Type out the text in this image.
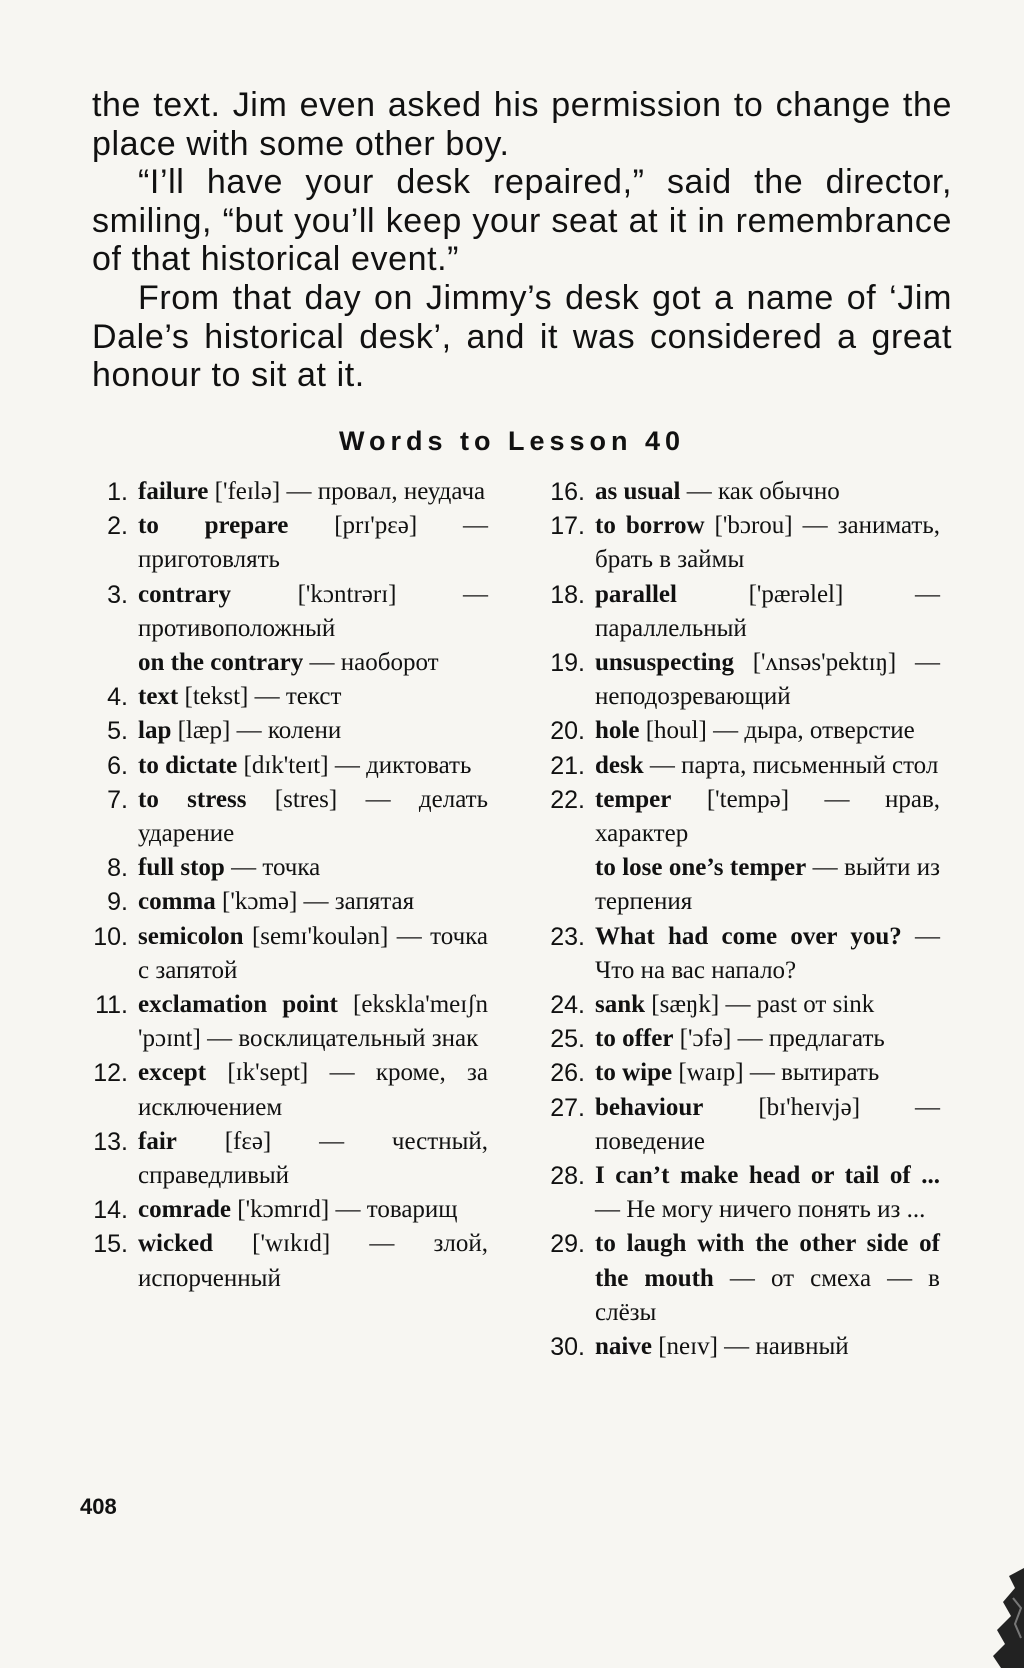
the text. Jim even asked his permission to change the place with some other boy.

“I’ll have your desk repaired,” said the director, smiling, “but you’ll keep your seat at it in remembrance of that historical event.”

From that day on Jimmy’s desk got a name of ‘Jim Dale’s historical desk’, and it was considered a great honour to sit at it.

Words to Lesson 40
1. failure ['feɪlə] — провал, неудача
2. to prepare [prɪ'pɛə] — приготовлять
3. contrary	['kɔntrərɪ]	— противоположный
on the contrary — наоборот
4. text [tekst] — текст
5. lap [læp] — колени
6. to dictate [dɪk'teɪt] — диктовать
7. to stress [stres] — делать ударение
8. full stop — точка
9. comma ['kɔmə] — запятая
10. semicolon [semɪ'koulən] — точка с запятой
11. exclamation point [ekskla'meɪʃn 'pɔɪnt] — восклицательный знак
12. except [ɪk'sept] — кроме, за исключением
13. fair [fɛə] — честный, справедливый
14. comrade ['kɔmrɪd] — товарищ
15. wicked ['wɪkɪd] — злой, испорченный
16. as usual — как обычно
17. to borrow ['bɔrou] — занимать, брать в займы
18. parallel	['pærəlel]	— параллельный
19. unsuspecting ['ʌnsəs'pektɪŋ] — неподозревающий
20. hole [houl] — дыра, отверстие
21. desk — парта, письменный стол
22. temper ['tempə] — нрав, характер
to lose one’s temper — выйти из терпения
23. What had come over you? — Что на вас напало?
24. sank [sæŋk] — past от sink
25. to offer ['ɔfə] — предлагать
26. to wipe [waɪp] — вытирать
27. behaviour [bɪ'heɪvjə] — поведение
28. I can’t make head or tail of ... — Не могу ничего понять из ...
29. to laugh with the other side of the mouth — от смеха — в слёзы
30. naive [neɪv] — наивный
408
